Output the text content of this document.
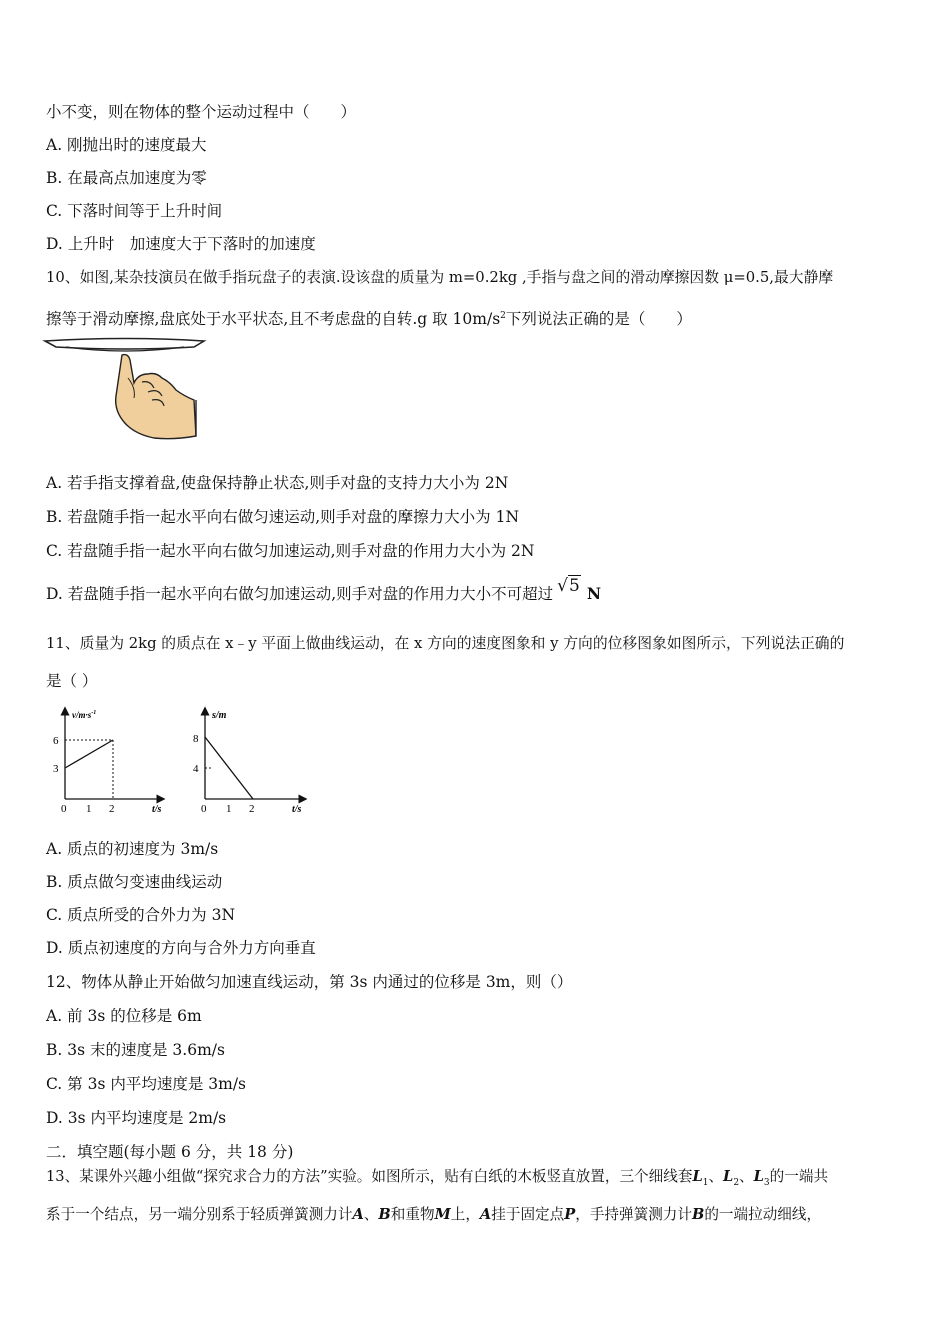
小不变，则在物体的整个运动过程中（　　）
A. 刚抛出时的速度最大
B. 在最高点加速度为零
C. 下落时间等于上升时间
D. 上升时　加速度大于下落时的加速度
10、如图,某杂技演员在做手指玩盘子的表演.设该盘的质量为 m=0.2kg ,手指与盘之间的滑动摩擦因数 μ=0.5,最大静摩
擦等于滑动摩擦,盘底处于水平状态,且不考虑盘的自转.g 取 $10m/s^2$下列说法正确的是（　　）
A. 若手指支撑着盘,使盘保持静止状态,则手对盘的支持力大小为 2N
B. 若盘随手指一起水平向右做匀速运动,则手对盘的摩擦力大小为 1N
C. 若盘随手指一起水平向右做匀加速运动,则手对盘的作用力大小为 2N
D. 若盘随手指一起水平向右做匀加速运动,则手对盘的作用力大小不可超过 √5 N
11、质量为 2kg 的质点在 x﹣y 平面上做曲线运动，在 x 方向的速度图象和 y 方向的位移图象如图所示，下列说法正确的
是（ ）
$v/m\cdot s^{-1}$
3
6
0 1 2	t/s
s/m
4
8
0 1 2	t/s
A. 质点的初速度为 3m/s
B. 质点做匀变速曲线运动
C. 质点所受的合外力为 3N
D. 质点初速度的方向与合外力方向垂直
12、物体从静止开始做匀加速直线运动，第 3s 内通过的位移是 3m，则（）
A. 前 3s 的位移是 6m
B. 3s 末的速度是 3.6m/s
C. 第 3s 内平均速度是 3m/s
D. 3s 内平均速度是 2m/s
二．填空题(每小题 6 分，共 18 分)
13、某课外兴趣小组做“探究求合力的方法”实验。如图所示，贴有白纸的木板竖直放置，三个细线套$L_1$、$L_2$、$L_3$的一端共
系于一个结点，另一端分别系于轻质弹簧测力计A、B和重物M上，A挂于固定点P，手持弹簧测力计B的一端拉动细线，
